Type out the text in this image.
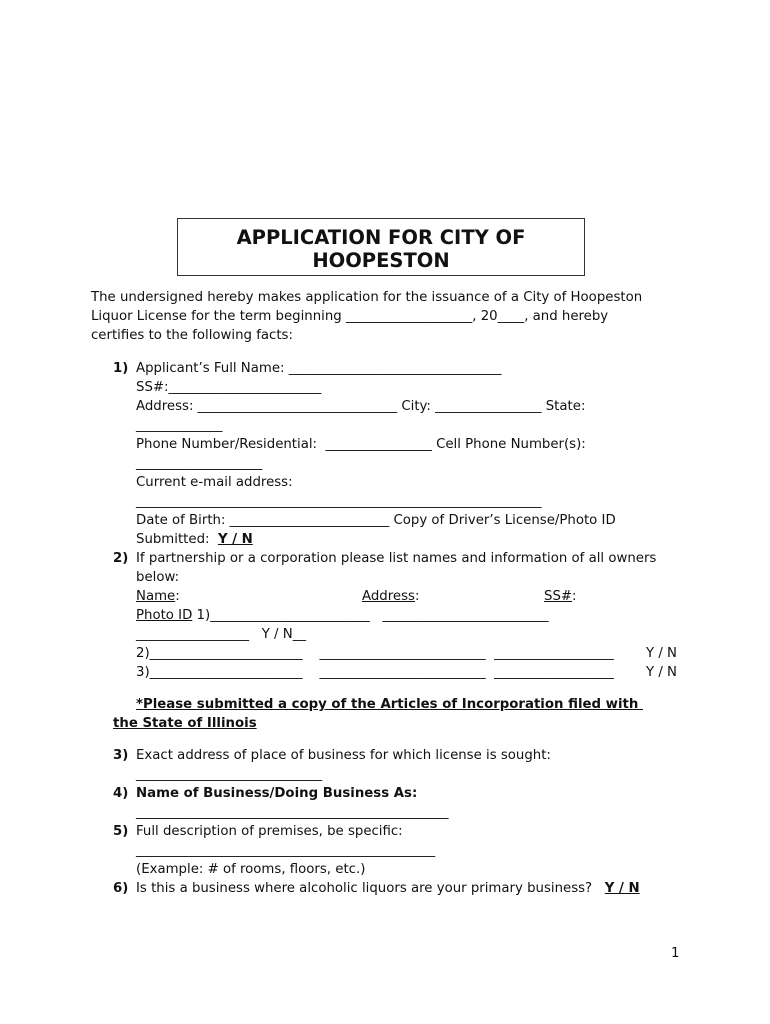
APPLICATION FOR CITY OF
HOOPESTON
The undersigned hereby makes application for the issuance of a City of Hoopeston
Liquor License for the term beginning ___________________, 20____, and hereby
certifies to the following facts:
1) Applicant’s Full Name: ________________________________
SS#:_______________________
Address: ______________________________ City: ________________ State:
_____________
Phone Number/Residential:  ________________ Cell Phone Number(s):
___________________
Current e-mail address:
_____________________________________________________________
Date of Birth: ________________________ Copy of Driver’s License/Photo ID
Submitted:  Y / N
2) If partnership or a corporation please list names and information of all owners
below:
Name:	Address:	SS#:
Photo ID 1)________________________   _________________________
_________________   Y / N__
2)_______________________    _________________________  __________________ Y / N
3)_______________________    _________________________  __________________ Y / N
*Please submitted a copy of the Articles of Incorporation filed with
the State of Illinois
3) Exact address of place of business for which license is sought:
____________________________
4) Name of Business/Doing Business As:
_______________________________________________
5) Full description of premises, be specific:
_____________________________________________
(Example: # of rooms, floors, etc.)
6) Is this a business where alcoholic liquors are your primary business?   Y / N
1
